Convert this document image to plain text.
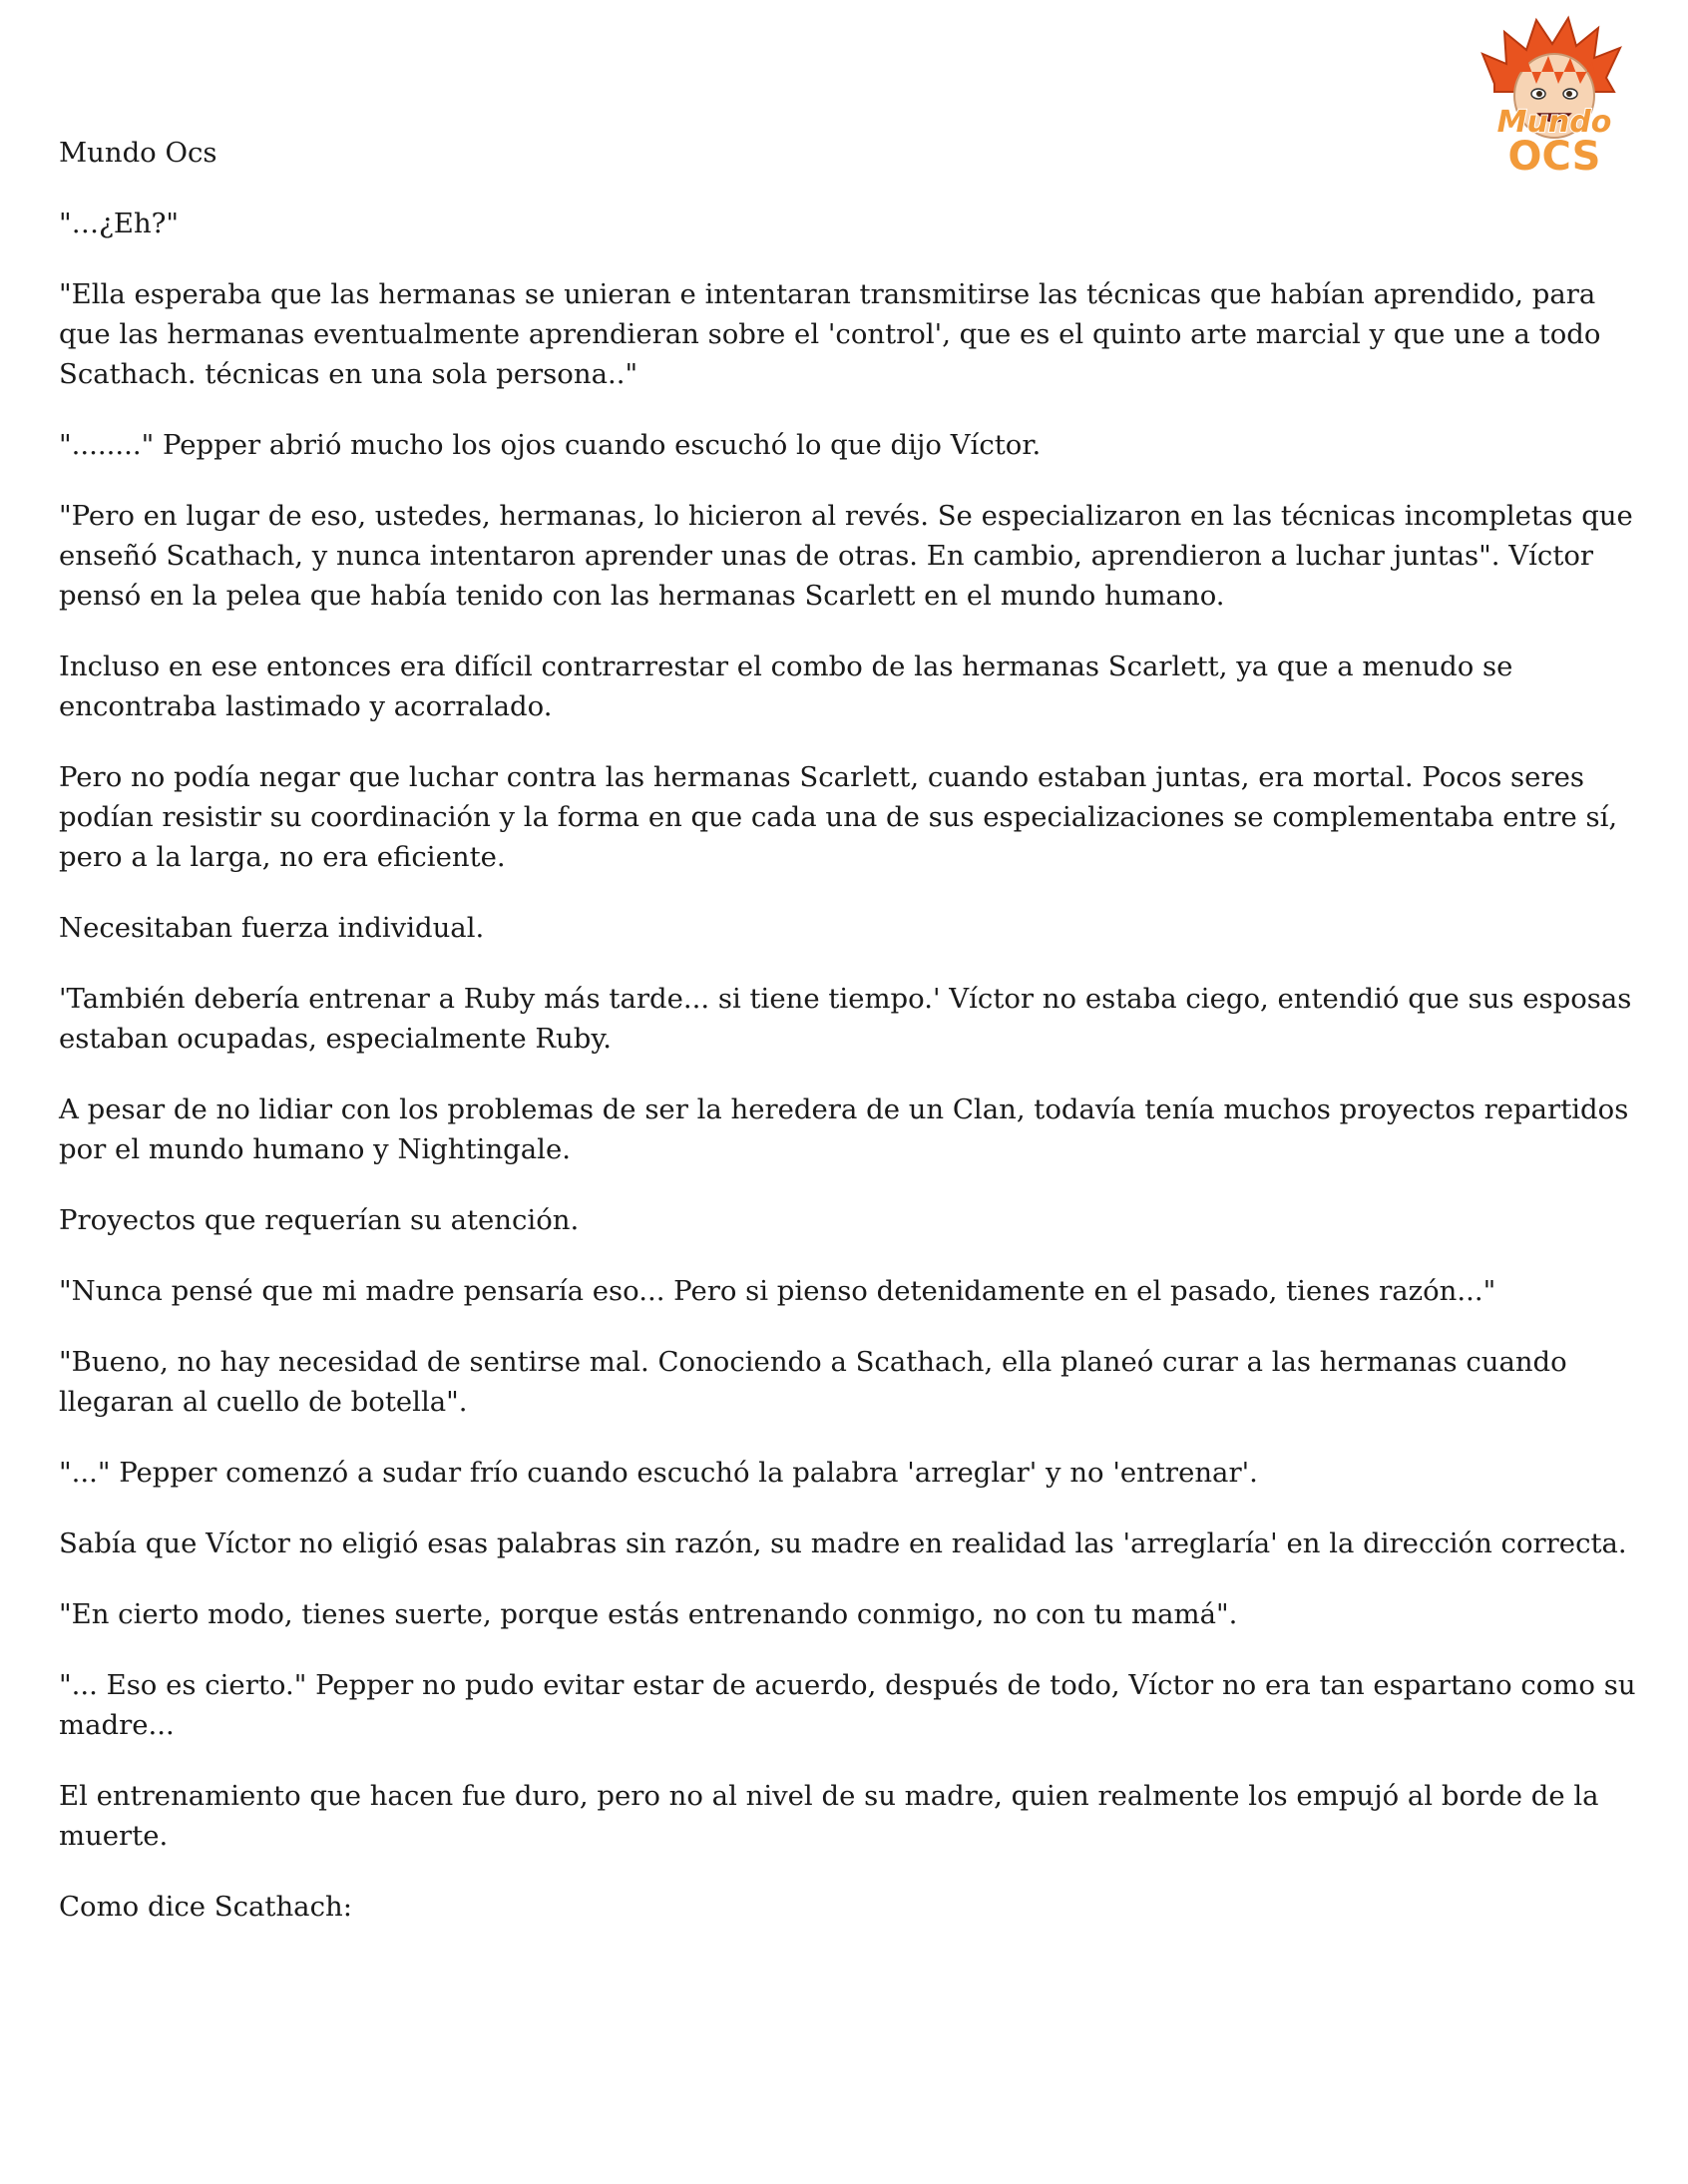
Mundo
OCS
Mundo Ocs

"…¿Eh?"

"Ella esperaba que las hermanas se unieran e intentaran transmitirse las técnicas que habían aprendido, para que las hermanas eventualmente aprendieran sobre el 'control', que es el quinto arte marcial y que une a todo Scathach. técnicas en una sola persona.."

"........" Pepper abrió mucho los ojos cuando escuchó lo que dijo Víctor.

"Pero en lugar de eso, ustedes, hermanas, lo hicieron al revés. Se especializaron en las técnicas incompletas que enseñó Scathach, y nunca intentaron aprender unas de otras. En cambio, aprendieron a luchar juntas". Víctor pensó en la pelea que había tenido con las hermanas Scarlett en el mundo humano.

Incluso en ese entonces era difícil contrarrestar el combo de las hermanas Scarlett, ya que a menudo se encontraba lastimado y acorralado.

Pero no podía negar que luchar contra las hermanas Scarlett, cuando estaban juntas, era mortal. Pocos seres podían resistir su coordinación y la forma en que cada una de sus especializaciones se complementaba entre sí, pero a la larga, no era eficiente.

Necesitaban fuerza individual.

'También debería entrenar a Ruby más tarde... si tiene tiempo.' Víctor no estaba ciego, entendió que sus esposas estaban ocupadas, especialmente Ruby.

A pesar de no lidiar con los problemas de ser la heredera de un Clan, todavía tenía muchos proyectos repartidos por el mundo humano y Nightingale.

Proyectos que requerían su atención.

"Nunca pensé que mi madre pensaría eso... Pero si pienso detenidamente en el pasado, tienes razón..."

"Bueno, no hay necesidad de sentirse mal. Conociendo a Scathach, ella planeó curar a las hermanas cuando llegaran al cuello de botella".

"..." Pepper comenzó a sudar frío cuando escuchó la palabra 'arreglar' y no 'entrenar'.

Sabía que Víctor no eligió esas palabras sin razón, su madre en realidad las 'arreglaría' en la dirección correcta.

"En cierto modo, tienes suerte, porque estás entrenando conmigo, no con tu mamá".

"... Eso es cierto." Pepper no pudo evitar estar de acuerdo, después de todo, Víctor no era tan espartano como su madre...

El entrenamiento que hacen fue duro, pero no al nivel de su madre, quien realmente los empujó al borde de la muerte.

Como dice Scathach:
